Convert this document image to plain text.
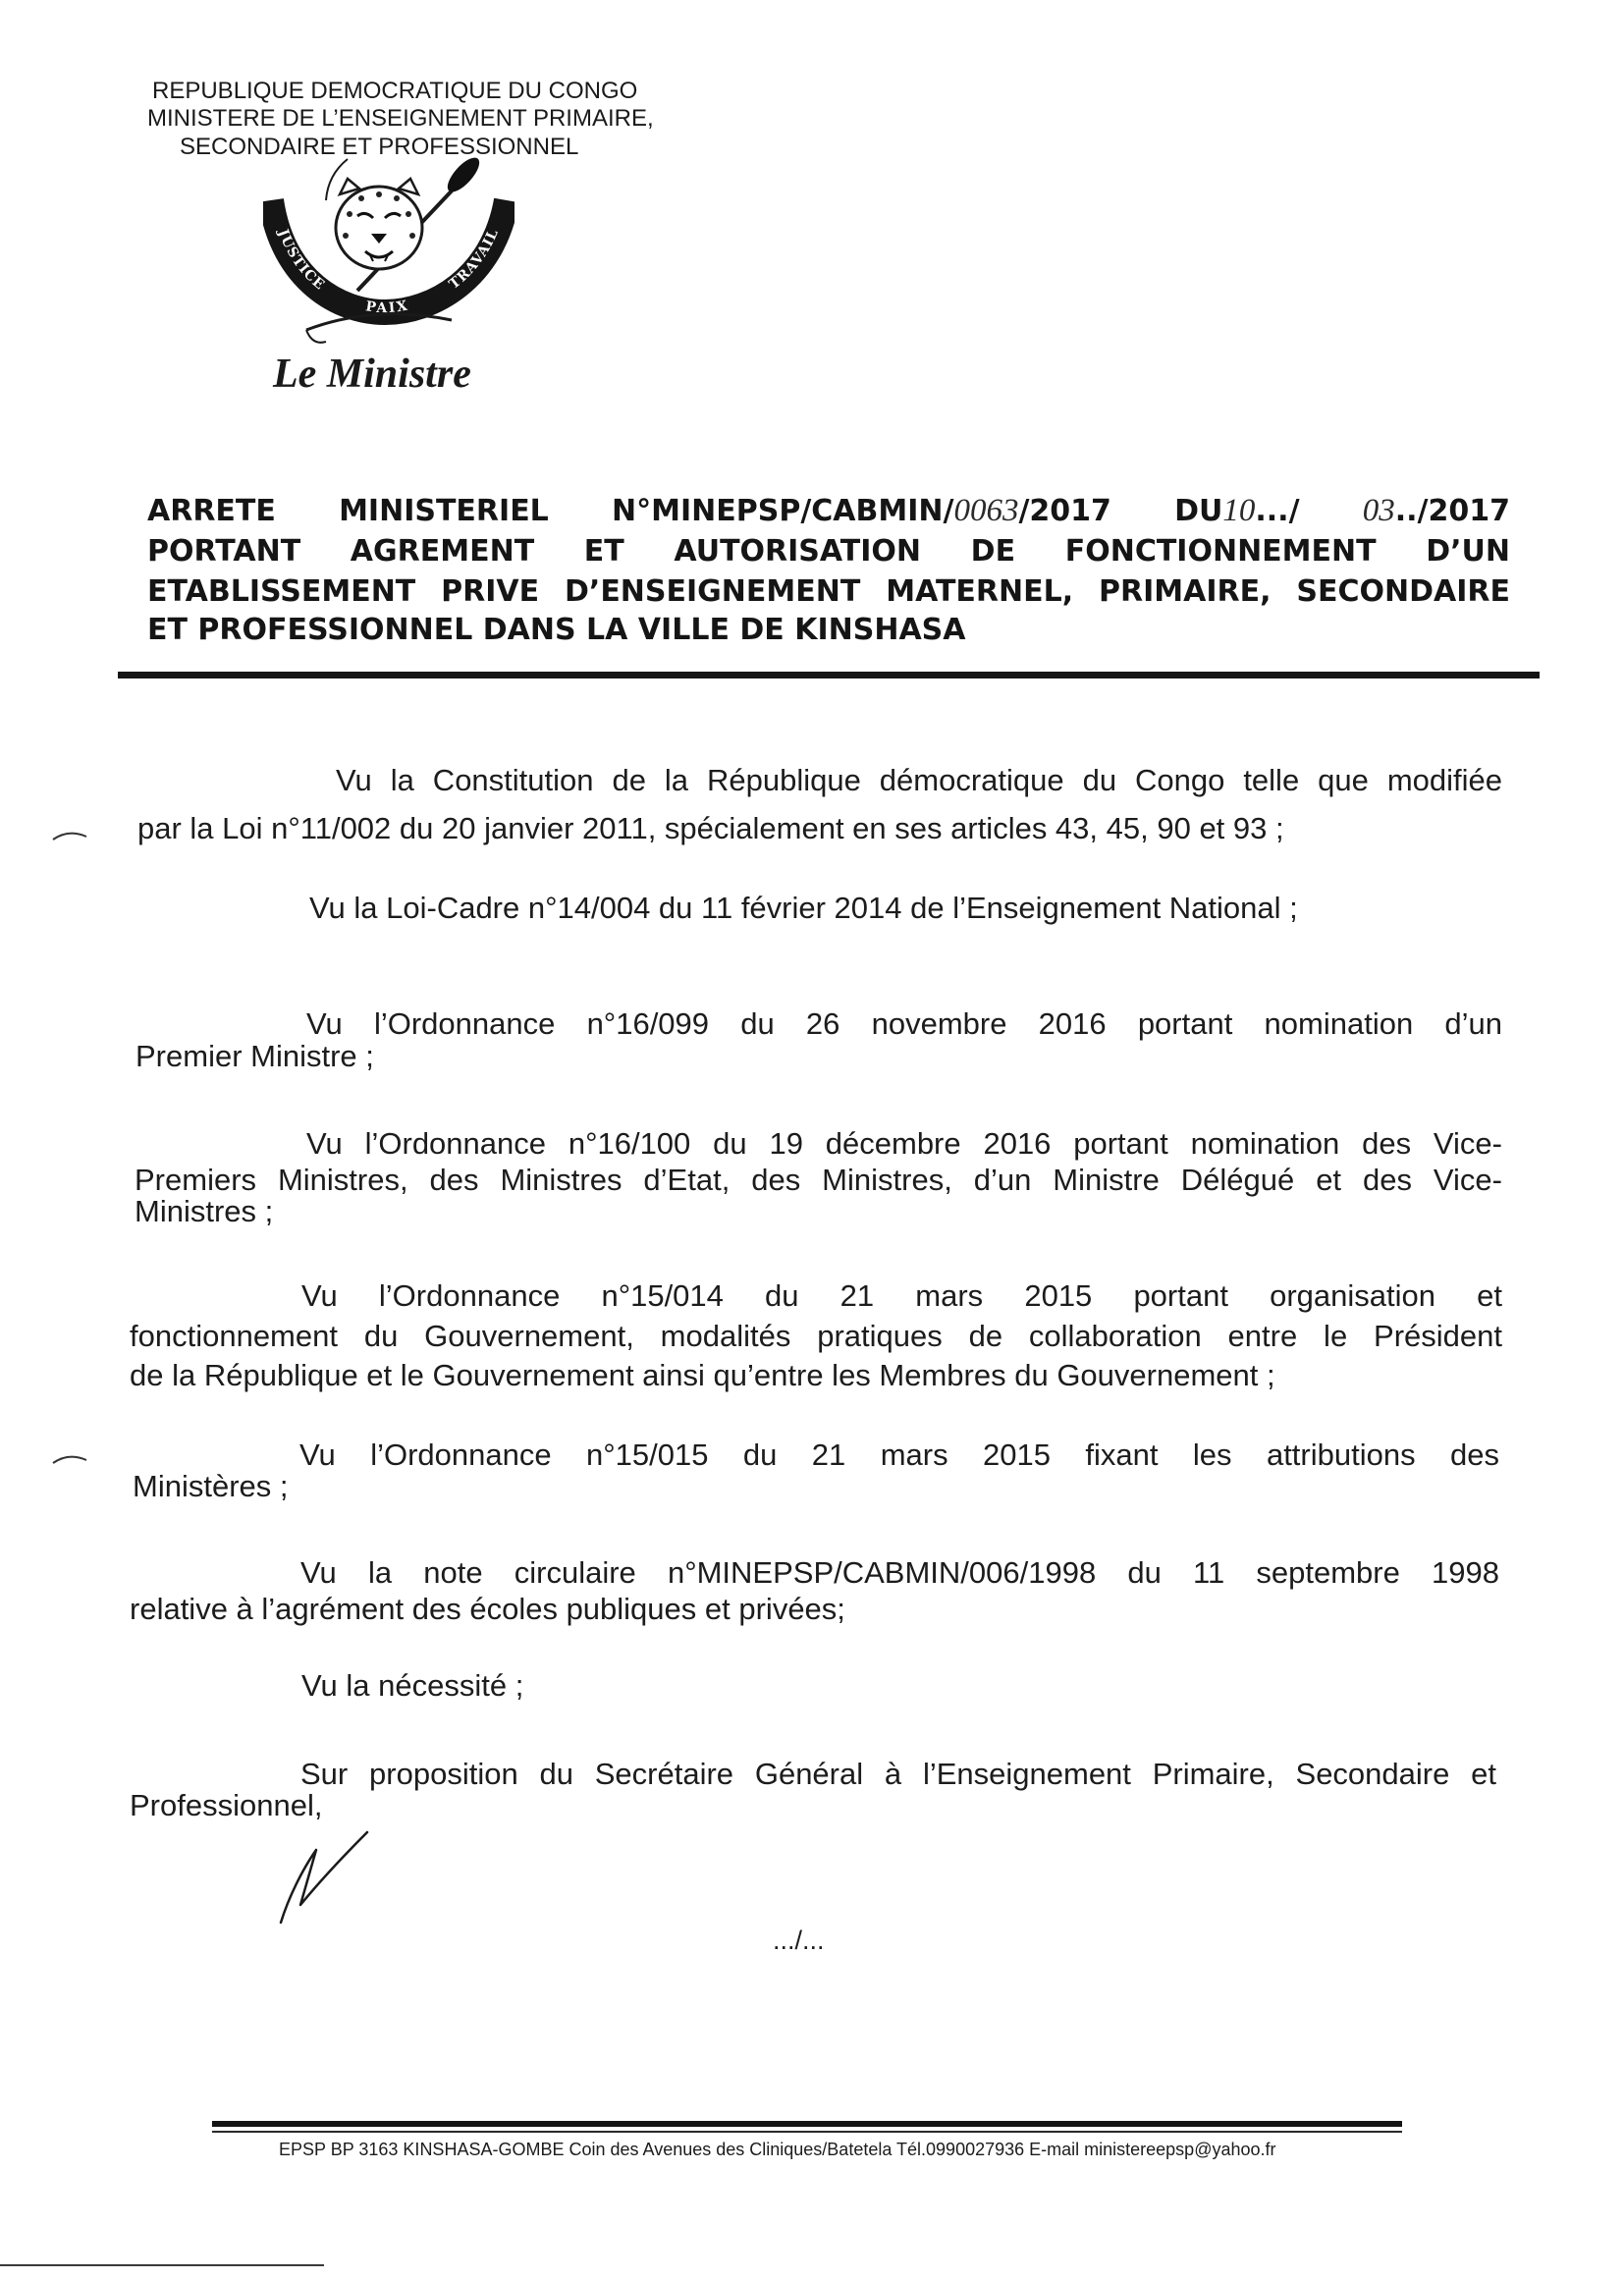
REPUBLIQUE DEMOCRATIQUE DU CONGO
MINISTERE DE L’ENSEIGNEMENT PRIMAIRE,
SECONDAIRE ET PROFESSIONNEL
JUSTICE
PAIX
TRAVAIL
Le Ministre
ARRETE MINISTERIEL N°MINEPSP/CABMIN/0063/2017 DU10.../ 03../2017
PORTANT AGREMENT ET AUTORISATION DE FONCTIONNEMENT D’UN
ETABLISSEMENT PRIVE D’ENSEIGNEMENT MATERNEL, PRIMAIRE, SECONDAIRE
ET PROFESSIONNEL DANS LA VILLE DE KINSHASA
Vu la Constitution de la République démocratique du Congo telle que modifiée
par la Loi n°11/002 du 20 janvier 2011, spécialement en ses articles 43, 45, 90 et 93 ;
Vu la Loi-Cadre n°14/004 du 11 février 2014 de l’Enseignement National ;
Vu l’Ordonnance n°16/099 du 26 novembre 2016 portant nomination d’un
Premier Ministre ;
Vu l’Ordonnance n°16/100 du 19 décembre 2016 portant nomination des Vice-
Premiers Ministres, des Ministres d’Etat, des Ministres, d’un Ministre Délégué et des Vice-
Ministres ;
Vu l’Ordonnance n°15/014 du 21 mars 2015 portant organisation et
fonctionnement du Gouvernement, modalités pratiques de collaboration entre le Président
de la République et le Gouvernement ainsi qu’entre les Membres du Gouvernement ;
Vu l’Ordonnance n°15/015 du 21 mars 2015 fixant les attributions des
Ministères ;
Vu la note circulaire n°MINEPSP/CABMIN/006/1998 du 11 septembre 1998
relative à l’agrément des écoles publiques et privées;
Vu la nécessité ;
Sur proposition du Secrétaire Général à l’Enseignement Primaire, Secondaire et
Professionnel,
.../...
EPSP BP 3163 KINSHASA-GOMBE Coin des Avenues des Cliniques/Batetela Tél.0990027936 E-mail ministereepsp@yahoo.fr
